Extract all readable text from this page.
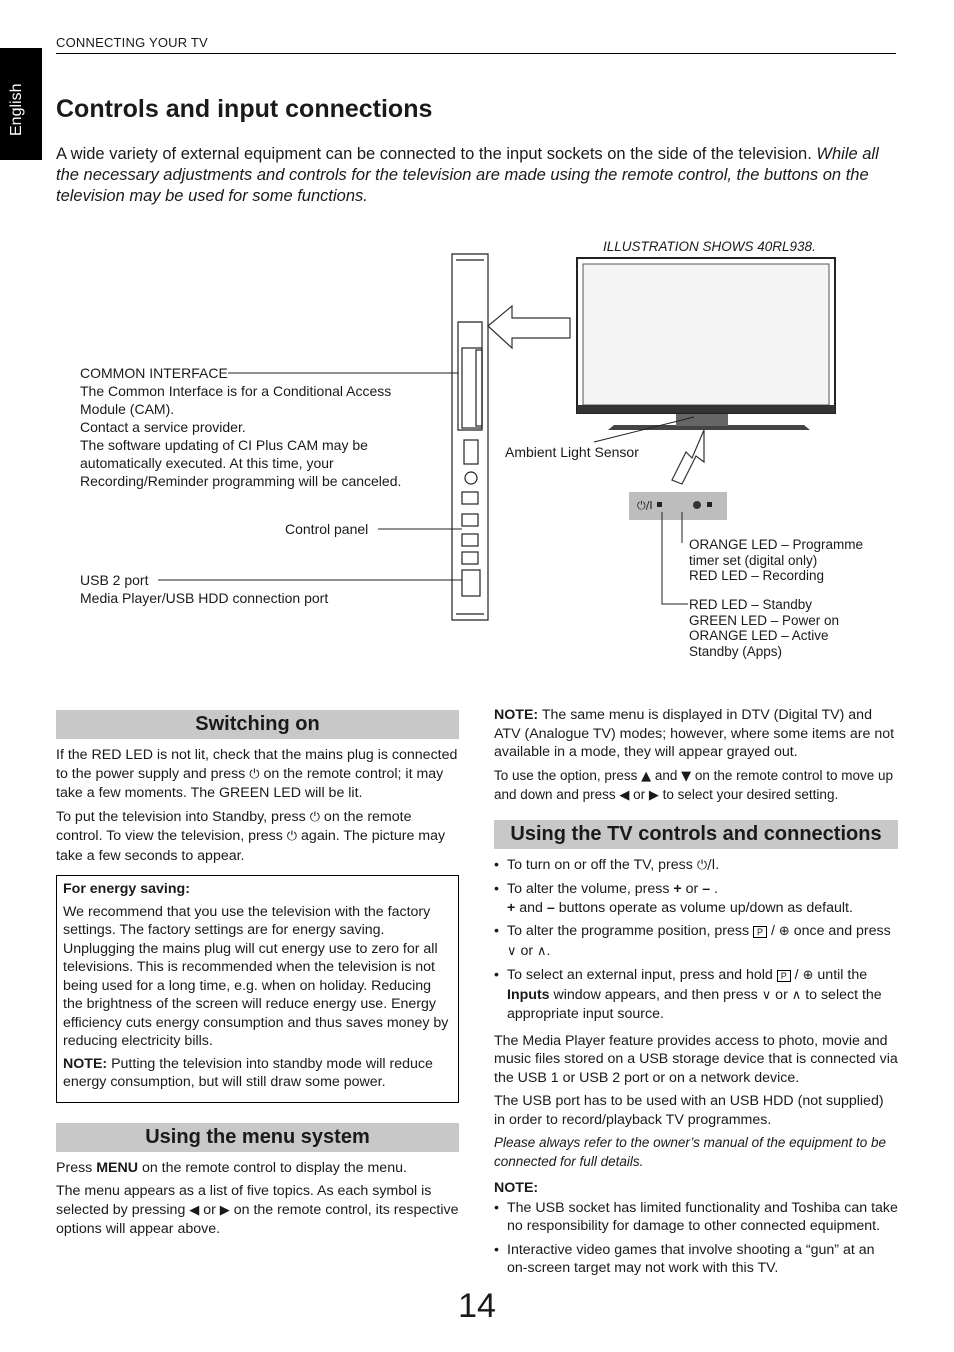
English
CONNECTING YOUR TV
Controls and input connections
A wide variety of external equipment can be connected to the input sockets on the side of the television. While all the necessary adjustments and controls for the television are made using the remote control, the buttons on the television may be used for some functions.
ILLUSTRATION SHOWS 40RL938.
COMMON INTERFACE
The Common Interface is for a Conditional Access
Module (CAM).
Contact a service provider.
The software updating of CI Plus CAM may be
automatically executed. At this time, your
Recording/Reminder programming will be canceled.
Control panel
USB 2 port
Media Player/USB HDD connection port
Ambient Light Sensor
⏻/I
ORANGE LED – Programme
timer set (digital only)
RED LED – Recording
RED LED – Standby
GREEN LED – Power on
ORANGE LED – Active
Standby (Apps)
Switching on

If the RED LED is not lit, check that the mains plug is connected to the power supply and press ⏻ on the remote control; it may take a few moments. The GREEN LED will be lit.

To put the television into Standby, press ⏻ on the remote control. To view the television, press ⏻ again. The picture may take a few seconds to appear.

For energy saving:

We recommend that you use the television with the factory settings. The factory settings are for energy saving. Unplugging the mains plug will cut energy use to zero for all televisions. This is recommended when the television is not being used for a long time, e.g. when on holiday. Reducing the brightness of the screen will reduce energy use. Energy efficiency cuts energy consumption and thus saves money by reducing electricity bills.

NOTE: Putting the television into standby mode will reduce energy consumption, but will still draw some power.

Using the menu system

Press MENU on the remote control to display the menu.

The menu appears as a list of five topics. As each symbol is selected by pressing ◀ or ▶ on the remote control, its respective options will appear above.

NOTE: The same menu is displayed in DTV (Digital TV) and ATV (Analogue TV) modes; however, where some items are not available in a mode, they will appear grayed out.

To use the option, press ▲ and ▼ on the remote control to move up and down and press ◀ or ▶ to select your desired setting.

Using the TV controls and connections
• To turn on or off the TV, press ⏻/I.
• To alter the volume, press + or – .
+ and – buttons operate as volume up/down as default.
• To alter the programme position, press P / ⊕ once and press ∨ or ∧.
• To select an external input, press and hold P / ⊕ until the Inputs window appears, and then press ∨ or ∧ to select the appropriate input source.

The Media Player feature provides access to photo, movie and music files stored on a USB storage device that is connected via the USB 1 or USB 2 port or on a network device.

The USB port has to be used with an USB HDD (not supplied) in order to record/playback TV programmes.

Please always refer to the owner’s manual of the equipment to be connected for full details.

NOTE:

• The USB socket has limited functionality and Toshiba can take no responsibility for damage to other connected equipment.
• Interactive video games that involve shooting a “gun” at an on-screen target may not work with this TV.
14
